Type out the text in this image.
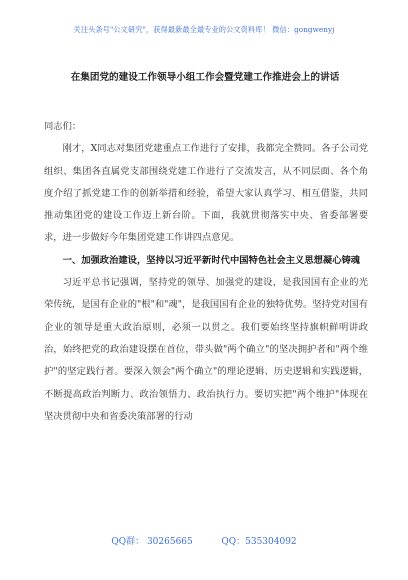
关注头条号"公文研究"，获得最新最全最专业的公文资料库！ 微信：gongwenyj
在集团党的建设工作领导小组工作会暨党建工作推进会上的讲话

同志们：

刚才，X同志对集团党建重点工作进行了安排，我都完全赞同。各子公司党组织、集团各直属党支部围绕党建工作进行了交流发言，从不同层面、各个角度介绍了抓党建工作的创新举措和经验，希望大家认真学习、相互借鉴，共同推动集团党的建设工作迈上新台阶。下面，我就贯彻落实中央、省委部署要求，进一步做好今年集团党建工作讲四点意见。

一、加强政治建设，坚持以习近平新时代中国特色社会主义思想凝心铸魂

习近平总书记强调，坚持党的领导、加强党的建设，是我国国有企业的光荣传统，是国有企业的"根"和"魂"，是我国国有企业的独特优势。坚持党对国有企业的领导是重大政治原则，必须一以贯之。我们要始终坚持旗帜鲜明讲政治，始终把党的政治建设摆在首位，带头做"两个确立"的坚决拥护者和"两个维护"的坚定践行者。要深入领会"两个确立"的理论逻辑、历史逻辑和实践逻辑，不断提高政治判断力、政治领悟力、政治执行力。要切实把"两个维护"体现在坚决贯彻中央和省委决策部署的行动

QQ群： 30265665          QQ：535304092
